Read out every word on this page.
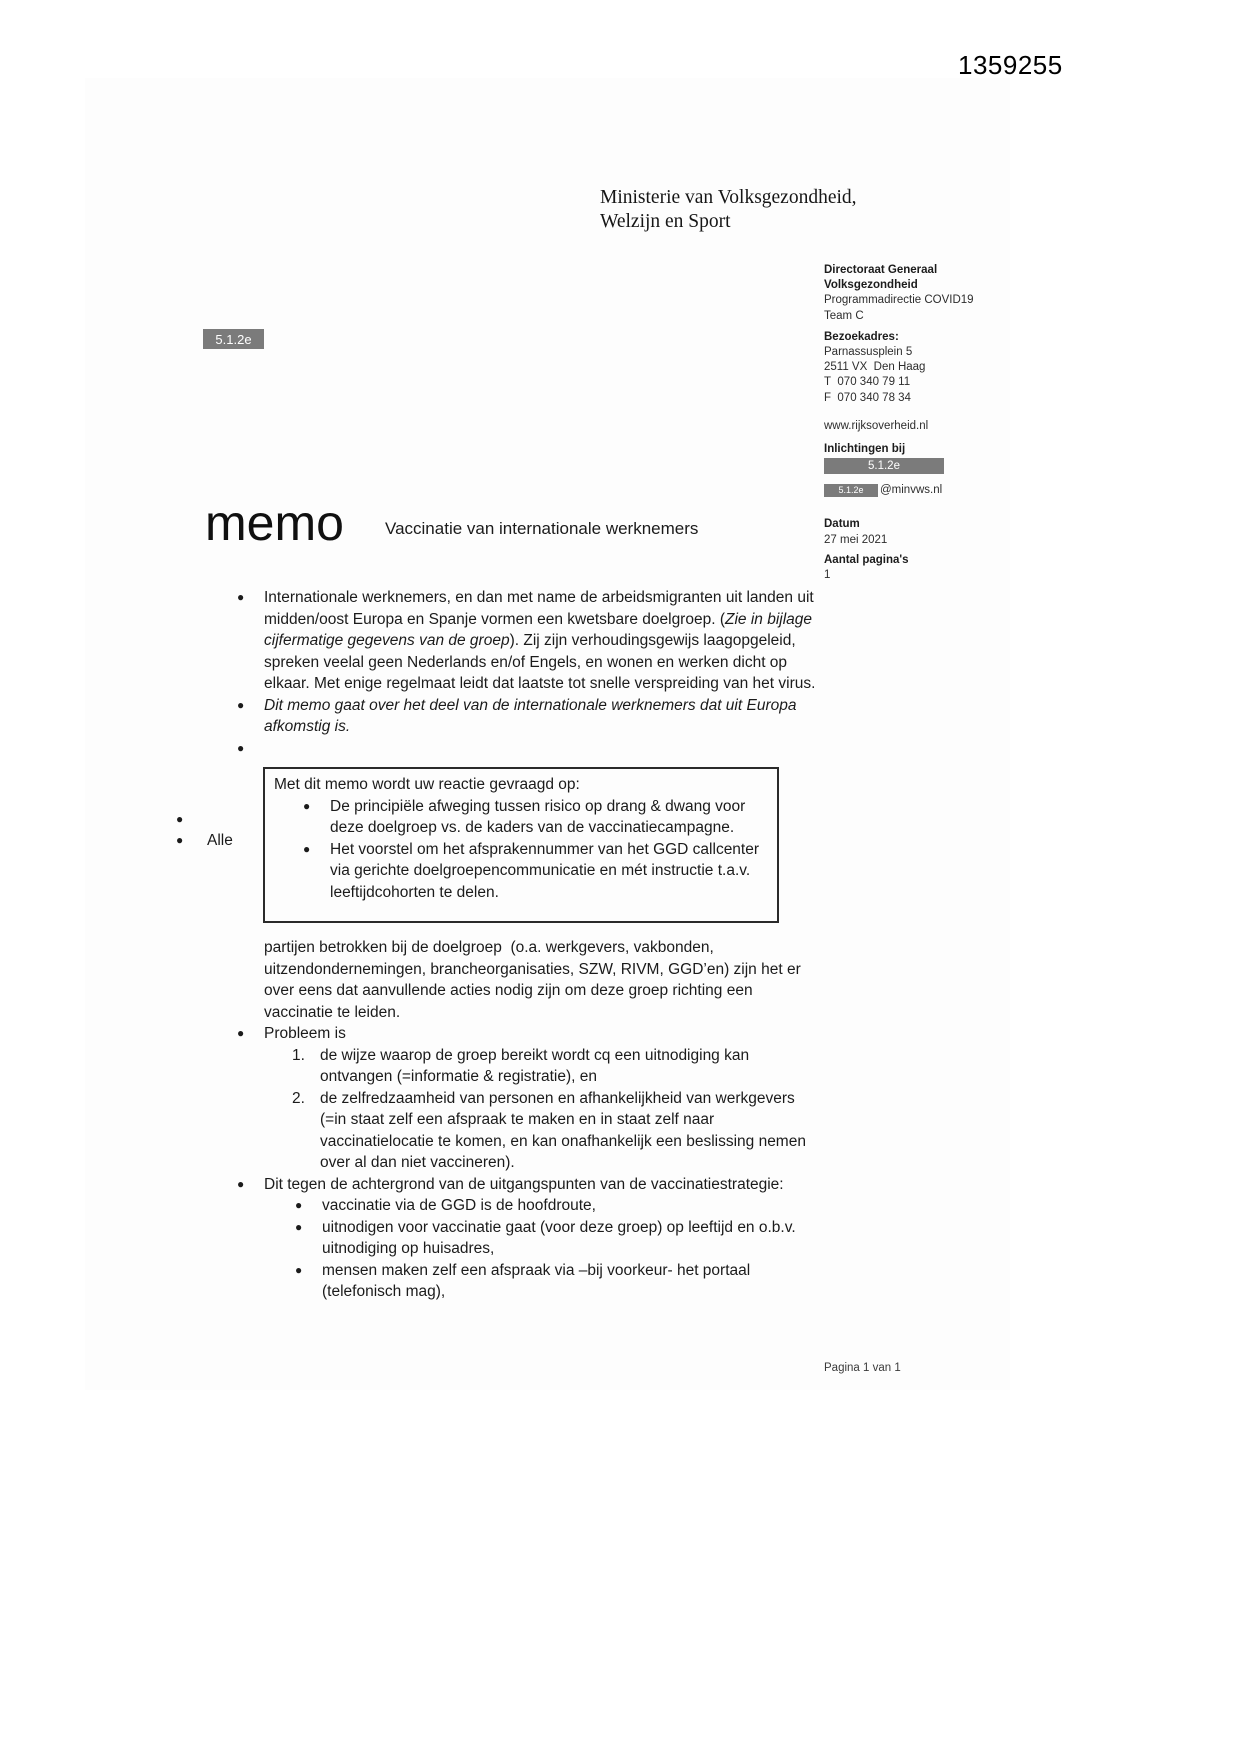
1359255
Ministerie van Volksgezondheid,
Welzijn en Sport
5.1.2e
Directoraat Generaal
Volksgezondheid
Programmadirectie COVID19
Team C
Bezoekadres:
Parnassusplein 5
2511 VX  Den Haag
T  070 340 79 11
F  070 340 78 34
www.rijksoverheid.nl
Inlichtingen bij
5.1.2e
5.1.2e @minvws.nl
Datum
27 mei 2021
Aantal pagina's
1
memo Vaccinatie van internationale werknemers
●	Internationale werknemers, en dan met name de arbeidsmigranten uit landen uit midden/oost Europa en Spanje vormen een kwetsbare doelgroep. (Zie in bijlage cijfermatige gegevens van de groep). Zij zijn verhoudingsgewijs laagopgeleid, spreken veelal geen Nederlands en/of Engels, en wonen en werken dicht op elkaar. Met enige regelmaat leidt dat laatste tot snelle verspreiding van het virus.
●	Dit memo gaat over het deel van de internationale werknemers dat uit Europa afkomstig is.
●
Met dit memo wordt uw reactie gevraagd op:
●	De principiële afweging tussen risico op drang & dwang voor deze doelgroep vs. de kaders van de vaccinatiecampagne.
●	Het voorstel om het afsprakennummer van het GGD callcenter via gerichte doelgroepencommunicatie en mét instructie t.a.v. leeftijdcohorten te delen.
partijen betrokken bij de doelgroep  (o.a. werkgevers, vakbonden, uitzendondernemingen, brancheorganisaties, SZW, RIVM, GGD’en) zijn het er over eens dat aanvullende acties nodig zijn om deze groep richting een vaccinatie te leiden.
●	Probleem is
1. de wijze waarop de groep bereikt wordt cq een uitnodiging kan ontvangen (=informatie & registratie), en
2. de zelfredzaamheid van personen en afhankelijkheid van werkgevers (=in staat zelf een afspraak te maken en in staat zelf naar vaccinatielocatie te komen, en kan onafhankelijk een beslissing nemen over al dan niet vaccineren).
●	Dit tegen de achtergrond van de uitgangspunten van de vaccinatiestrategie:
●	vaccinatie via de GGD is de hoofdroute,
●	uitnodigen voor vaccinatie gaat (voor deze groep) op leeftijd en o.b.v. uitnodiging op huisadres,
●	mensen maken zelf een afspraak via –bij voorkeur- het portaal (telefonisch mag),
●
● Alle
Pagina 1 van 1
